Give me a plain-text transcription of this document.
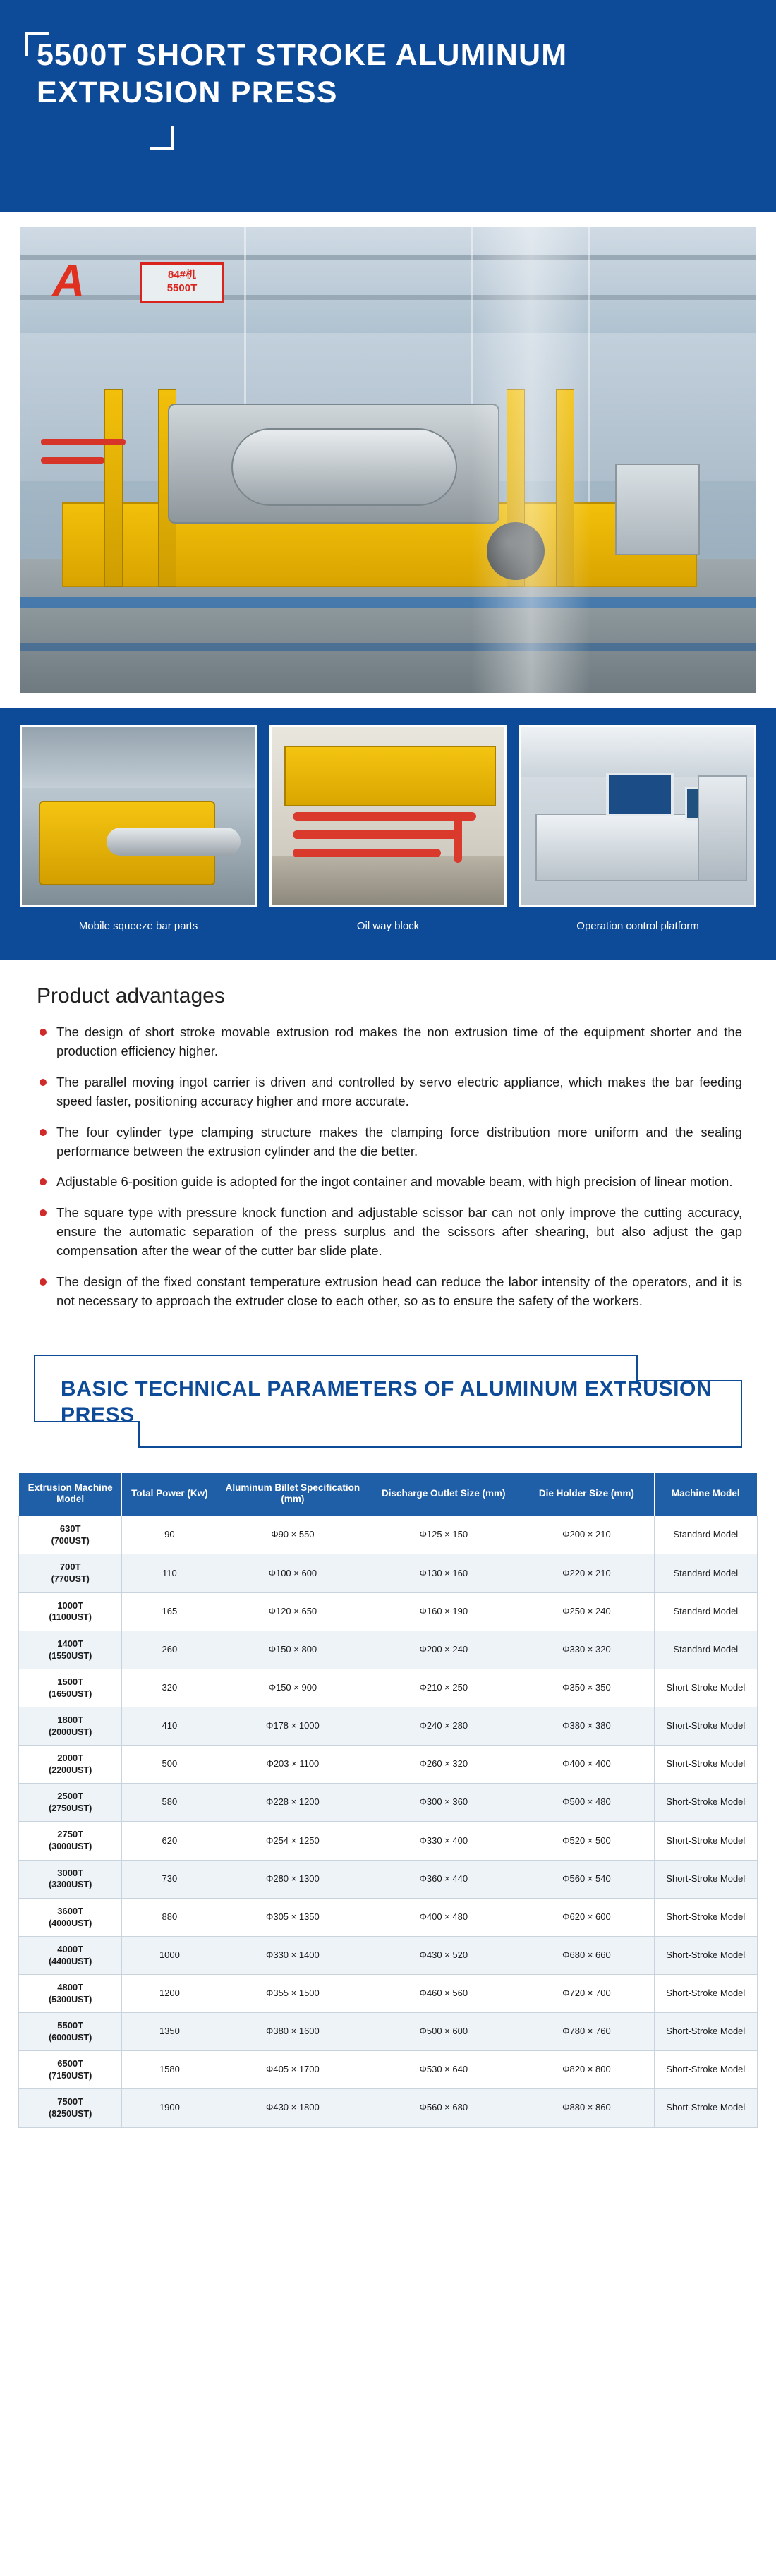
5500T SHORT STROKE ALUMINUM EXTRUSION PRESS
A	84#机
5500T
Mobile squeeze bar parts	Oil way block	Operation control platform
Product advantages
The design of short stroke movable extrusion rod makes the non extrusion time of the equipment shorter and the production efficiency higher.
The parallel moving ingot carrier is driven and controlled by servo electric appliance, which makes the bar feeding speed faster, positioning accuracy higher and more accurate.
The four cylinder type clamping structure makes the clamping force distribution more uniform and the sealing performance between the extrusion cylinder and the die better.
Adjustable 6-position guide is adopted for the ingot container and movable beam, with high precision of linear motion.
The square type with pressure knock function and adjustable scissor bar can not only improve the cutting accuracy, ensure the automatic separation of the press surplus and the scissors after shearing, but also adjust the gap compensation after the wear of the cutter bar slide plate.
The design of the fixed constant temperature extrusion head can reduce the labor intensity of the operators, and it is not necessary to approach the extruder close to each other, so as to ensure the safety of the workers.
BASIC TECHNICAL PARAMETERS OF ALUMINUM EXTRUSION PRESS
Extrusion Machine Model	Total Power (Kw)	Aluminum Billet Specification (mm)	Discharge Outlet Size (mm)	Die Holder Size (mm)	Machine Model
630T
(700UST)	90	Φ90 × 550	Φ125 × 150	Φ200 × 210	Standard Model
700T
(770UST)	110	Φ100 × 600	Φ130 × 160	Φ220 × 210	Standard Model
1000T
(1100UST)	165	Φ120 × 650	Φ160 × 190	Φ250 × 240	Standard Model
1400T
(1550UST)	260	Φ150 × 800	Φ200 × 240	Φ330 × 320	Standard Model
1500T
(1650UST)	320	Φ150 × 900	Φ210 × 250	Φ350 × 350	Short-Stroke Model
1800T
(2000UST)	410	Φ178 × 1000	Φ240 × 280	Φ380 × 380	Short-Stroke Model
2000T
(2200UST)	500	Φ203 × 1100	Φ260 × 320	Φ400 × 400	Short-Stroke Model
2500T
(2750UST)	580	Φ228 × 1200	Φ300 × 360	Φ500 × 480	Short-Stroke Model
2750T
(3000UST)	620	Φ254 × 1250	Φ330 × 400	Φ520 × 500	Short-Stroke Model
3000T
(3300UST)	730	Φ280 × 1300	Φ360 × 440	Φ560 × 540	Short-Stroke Model
3600T
(4000UST)	880	Φ305 × 1350	Φ400 × 480	Φ620 × 600	Short-Stroke Model
4000T
(4400UST)	1000	Φ330 × 1400	Φ430 × 520	Φ680 × 660	Short-Stroke Model
4800T
(5300UST)	1200	Φ355 × 1500	Φ460 × 560	Φ720 × 700	Short-Stroke Model
5500T
(6000UST)	1350	Φ380 × 1600	Φ500 × 600	Φ780 × 760	Short-Stroke Model
6500T
(7150UST)	1580	Φ405 × 1700	Φ530 × 640	Φ820 × 800	Short-Stroke Model
7500T
(8250UST)	1900	Φ430 × 1800	Φ560 × 680	Φ880 × 860	Short-Stroke Model
